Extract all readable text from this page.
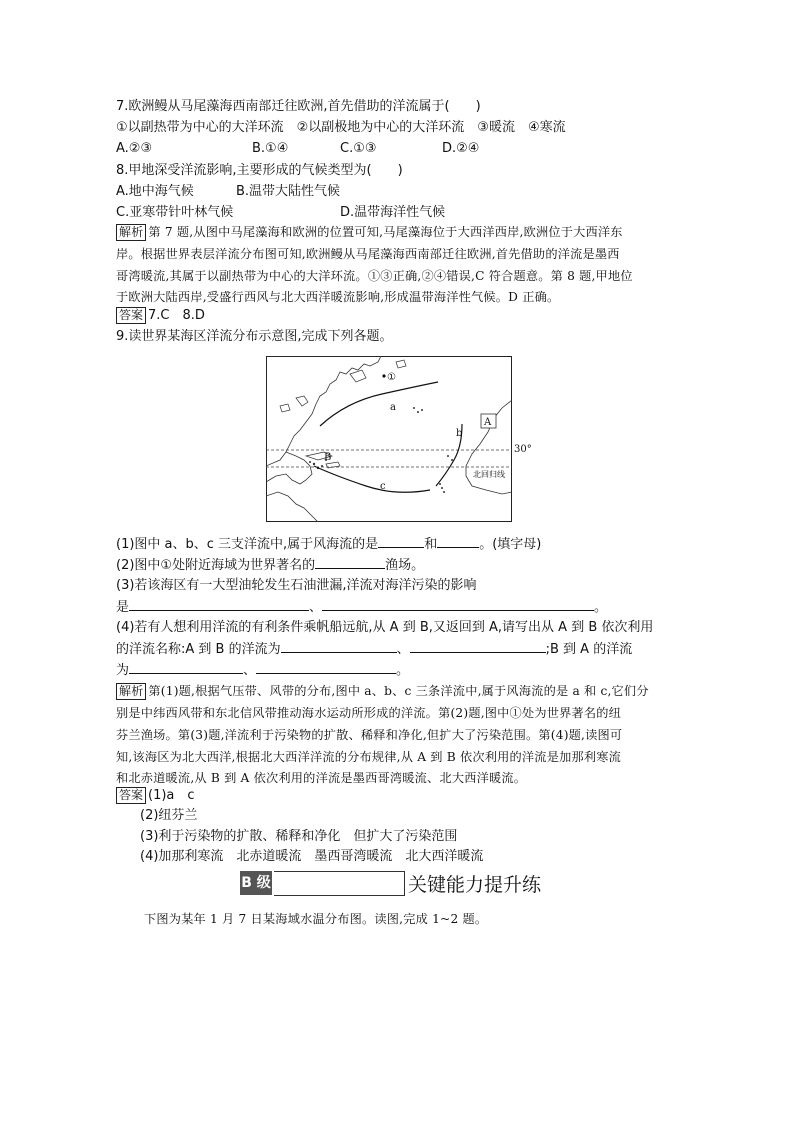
7.欧洲鳗从马尾藻海西南部迁往欧洲,首先借助的洋流属于(　　)
①以副热带为中心的大洋环流　②以副极地为中心的大洋环流　③暖流　④寒流
A.②③	B.①④	C.①③	D.②④
8.甲地深受洋流影响,主要形成的气候类型为(　　)
A.地中海气候	B.温带大陆性气候
C.亚寒带针叶林气候	D.温带海洋性气候
解析 第 7 题,从图中马尾藻海和欧洲的位置可知,马尾藻海位于大西洋西岸,欧洲位于大西洋东
岸。根据世界表层洋流分布图可知,欧洲鳗从马尾藻海西南部迁往欧洲,首先借助的洋流是墨西
哥湾暖流,其属于以副热带为中心的大洋环流。①③正确,②④错误,C 符合题意。第 8 题,甲地位
于欧洲大陆西岸,受盛行西风与北大西洋暖流影响,形成温带海洋性气候。D 正确。
答案 7.C　8.D
9.读世界某海区洋流分布示意图,完成下列各题。
①
a
b
c
A
B
北回归线
30°
(1)图中 a、b、c 三支洋流中,属于风海流的是	和	。(填字母)
(2)图中①处附近海域为世界著名的	渔场。
(3)若该海区有一大型油轮发生石油泄漏,洋流对海洋污染的影响
是	、	。
(4)若有人想利用洋流的有利条件乘帆船远航,从 A 到 B,又返回到 A,请写出从 A 到 B 依次利用
的洋流名称:A 到 B 的洋流为	、	;B 到 A 的洋流
为	、	。
解析 第(1)题,根据气压带、风带的分布,图中 a、b、c 三条洋流中,属于风海流的是 a 和 c,它们分
别是中纬西风带和东北信风带推动海水运动所形成的洋流。第(2)题,图中①处为世界著名的纽
芬兰渔场。第(3)题,洋流利于污染物的扩散、稀释和净化,但扩大了污染范围。第(4)题,读图可
知,该海区为北大西洋,根据北大西洋洋流的分布规律,从 A 到 B 依次利用的洋流是加那利寒流
和北赤道暖流,从 B 到 A 依次利用的洋流是墨西哥湾暖流、北大西洋暖流。
答案 (1)a　c
(2)纽芬兰
(3)利于污染物的扩散、稀释和净化　但扩大了污染范围
(4)加那利寒流　北赤道暖流　墨西哥湾暖流　北大西洋暖流
B 级	关键能力提升练
下图为某年 1 月 7 日某海域水温分布图。读图,完成 1~2 题。
